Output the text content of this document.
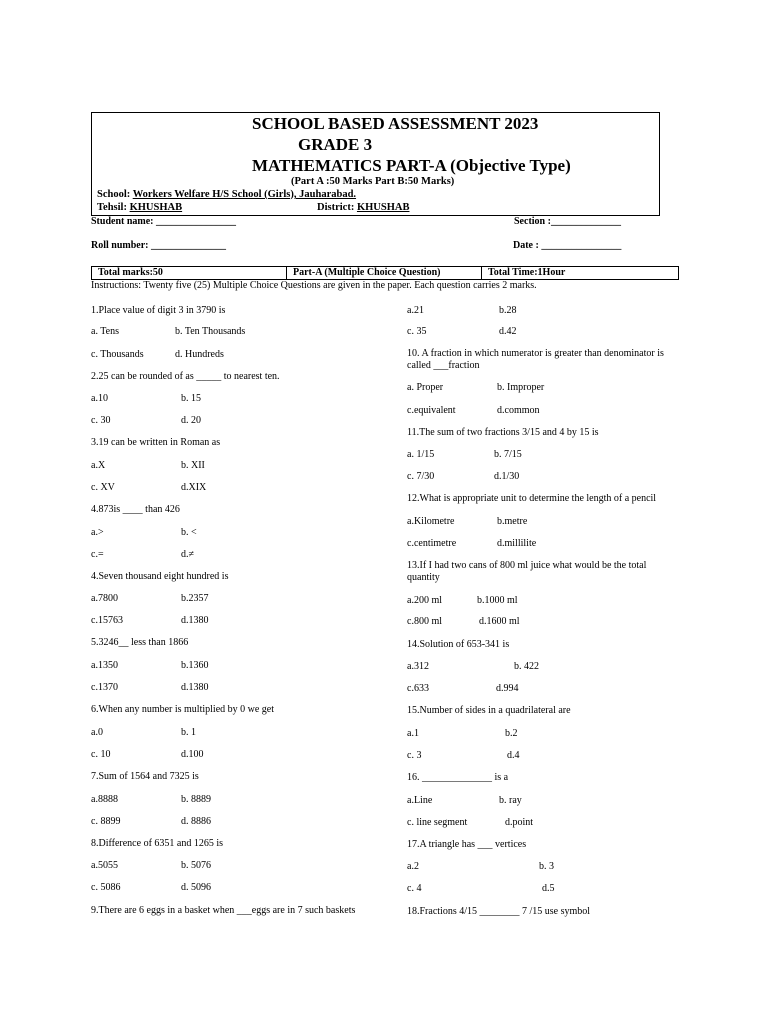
SCHOOL BASED ASSESSMENT 2023
GRADE 3
MATHEMATICS PART-A (Objective Type)
(Part A :50 Marks Part B:50 Marks)
School: Workers Welfare H/S School (Girls), Jauharabad.
Tehsil: KHUSHAB	District: KHUSHAB
Student name: ________________	Section :______________
Roll number: _______________	Date : ________________
Total marks:50	Part-A (Multiple Choice Question)	Total Time:1Hour
Instructions: Twenty five (25) Multiple Choice Questions are given in the paper. Each question carries 2 marks.
1.Place value of digit 3 in 3790 is
a. Tens	b. Ten Thousands
c. Thousands	d. Hundreds
2.25 can be rounded of as _____ to nearest ten.
a.10	b. 15
c. 30	d. 20
3.19 can be written in Roman as
a.X	b. XII
c. XV	d.XIX
4.873is ____ than 426
a.>	b. <
c.=	d.≠
4.Seven thousand eight hundred is
a.7800	b.2357
c.15763	d.1380
5.3246__ less than 1866
a.1350	b.1360
c.1370	d.1380
6.When any number is multiplied by 0 we get
a.0	b. 1
c. 10	d.100
7.Sum of 1564 and 7325 is
a.8888	b. 8889
c. 8899	d. 8886
8.Difference of 6351 and 1265 is
a.5055	b. 5076
c. 5086	d. 5096
9.There are 6 eggs in a basket when ___eggs are in 7 such baskets
a.21	b.28
c. 35	d.42
10. A fraction in which numerator is greater than denominator is called ___fraction
a. Proper	b. Improper
c.equivalent	d.common
11.The sum of two fractions 3/15 and 4 by 15 is
a. 1/15	b. 7/15
c. 7/30	d.1/30
12.What is appropriate unit to determine the length of a pencil
a.Kilometre	b.metre
c.centimetre	d.millilite
13.If I had two cans of 800 ml juice what would be the total quantity
a.200 ml	b.1000 ml
c.800 ml	d.1600 ml
14.Solution of 653-341 is
a.312	b. 422
c.633	d.994
15.Number of sides in a quadrilateral are
a.1	b.2
c. 3	d.4
16. ______________ is a
a.Line	b. ray
c. line segment	d.point
17.A triangle has ___ vertices
a.2	b. 3
c. 4	d.5
18.Fractions 4/15 ________ 7 /15 use symbol
